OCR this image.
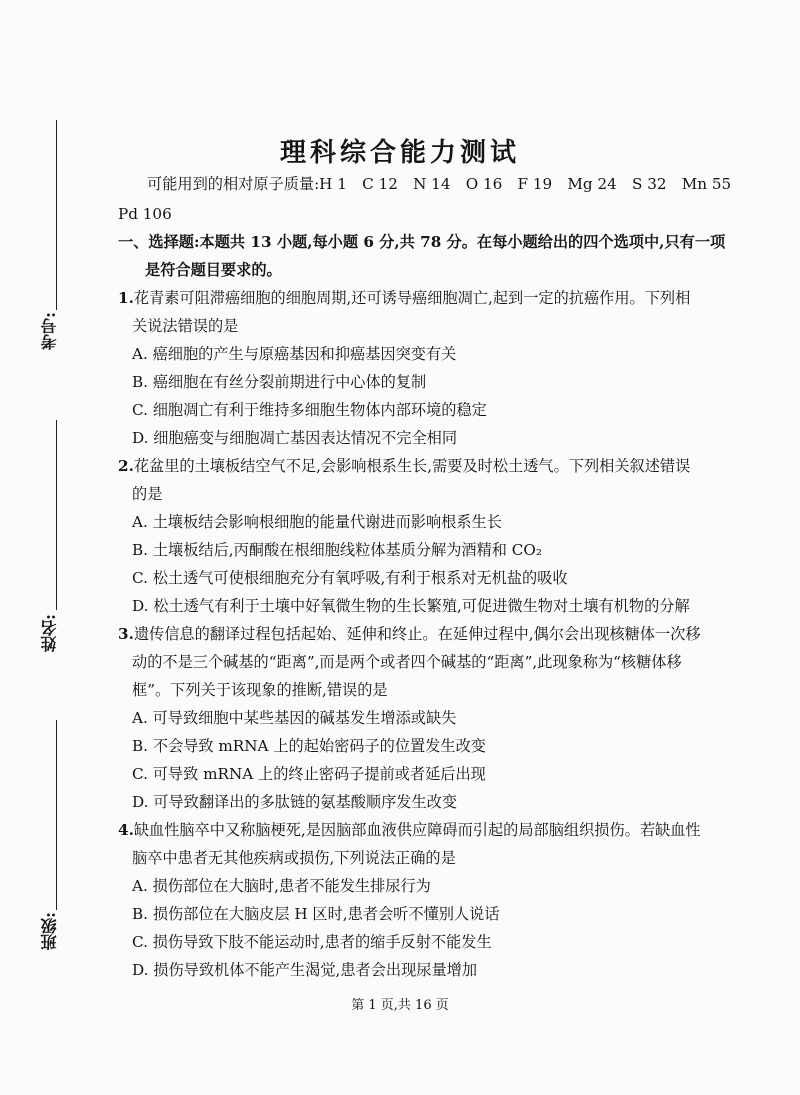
考号:
姓名:
班级:
理科综合能力测试
可能用到的相对原子质量:H 1　C 12　N 14　O 16　F 19　Mg 24　S 32　Mn 55
Pd 106
一、选择题:本题共 13 小题,每小题 6 分,共 78 分。在每小题给出的四个选项中,只有一项
是符合题目要求的。
1.花青素可阻滞癌细胞的细胞周期,还可诱导癌细胞凋亡,起到一定的抗癌作用。下列相
关说法错误的是
A. 癌细胞的产生与原癌基因和抑癌基因突变有关
B. 癌细胞在有丝分裂前期进行中心体的复制
C. 细胞凋亡有利于维持多细胞生物体内部环境的稳定
D. 细胞癌变与细胞凋亡基因表达情况不完全相同
2.花盆里的土壤板结空气不足,会影响根系生长,需要及时松土透气。下列相关叙述错误
的是
A. 土壤板结会影响根细胞的能量代谢进而影响根系生长
B. 土壤板结后,丙酮酸在根细胞线粒体基质分解为酒精和 CO₂
C. 松土透气可使根细胞充分有氧呼吸,有利于根系对无机盐的吸收
D. 松土透气有利于土壤中好氧微生物的生长繁殖,可促进微生物对土壤有机物的分解
3.遗传信息的翻译过程包括起始、延伸和终止。在延伸过程中,偶尔会出现核糖体一次移
动的不是三个碱基的“距离”,而是两个或者四个碱基的“距离”,此现象称为“核糖体移
框”。下列关于该现象的推断,错误的是
A. 可导致细胞中某些基因的碱基发生增添或缺失
B. 不会导致 mRNA 上的起始密码子的位置发生改变
C. 可导致 mRNA 上的终止密码子提前或者延后出现
D. 可导致翻译出的多肽链的氨基酸顺序发生改变
4.缺血性脑卒中又称脑梗死,是因脑部血液供应障碍而引起的局部脑组织损伤。若缺血性
脑卒中患者无其他疾病或损伤,下列说法正确的是
A. 损伤部位在大脑时,患者不能发生排尿行为
B. 损伤部位在大脑皮层 H 区时,患者会听不懂别人说话
C. 损伤导致下肢不能运动时,患者的缩手反射不能发生
D. 损伤导致机体不能产生渴觉,患者会出现尿量增加
第 1 页,共 16 页
